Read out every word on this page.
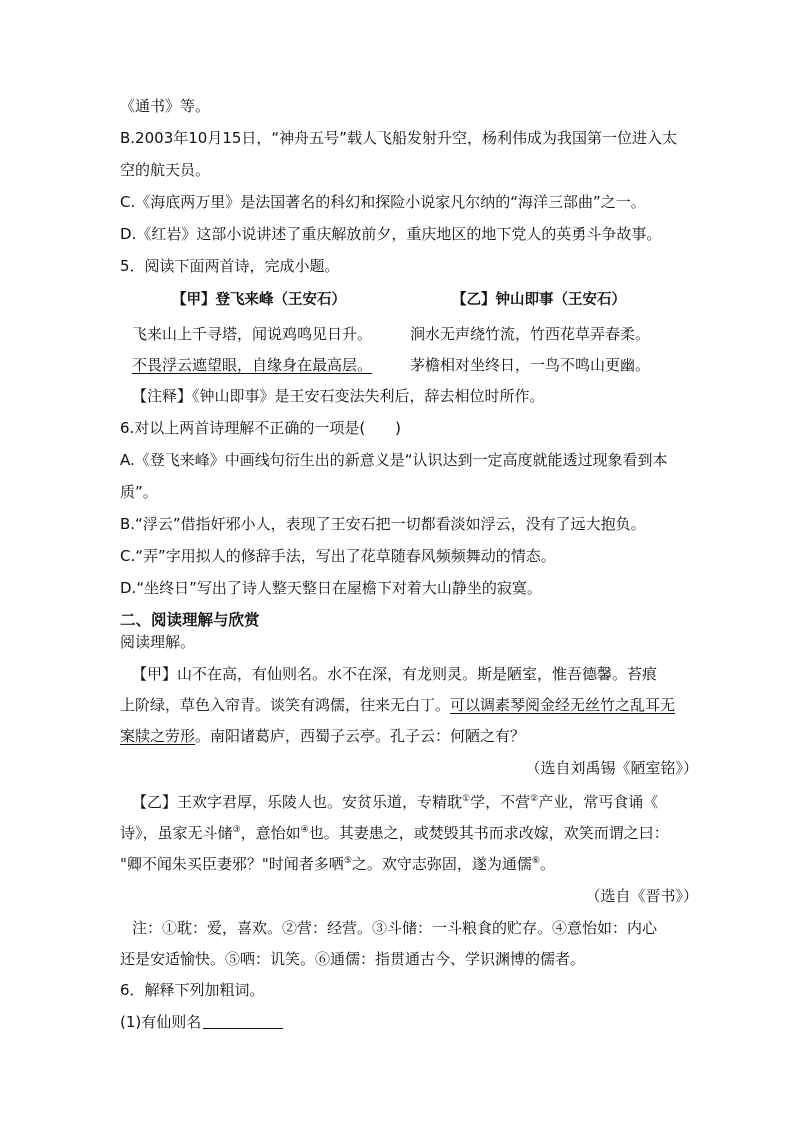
《通书》等。
B.2003年10月15日，“神舟五号”载人飞船发射升空，杨利伟成为我国第一位进入太
空的航天员。
C.《海底两万里》是法国著名的科幻和探险小说家凡尔纳的“海洋三部曲”之一。
D.《红岩》这部小说讲述了重庆解放前夕，重庆地区的地下党人的英勇斗争故事。
5．阅读下面两首诗，完成小题。
【甲】登飞来峰（王安石）	【乙】钟山即事（王安石）
飞来山上千寻塔，闻说鸡鸣见日升。	涧水无声绕竹流，竹西花草弄春柔。
不畏浮云遮望眼，自缘身在最高层。	茅檐相对坐终日，一鸟不鸣山更幽。
【注释】《钟山即事》是王安石变法失利后，辞去相位时所作。
6.对以上两首诗理解不正确的一项是(　　)
A.《登飞来峰》中画线句衍生出的新意义是“认识达到一定高度就能透过现象看到本
质”。
B.“浮云”借指奸邪小人，表现了王安石把一切都看淡如浮云，没有了远大抱负。
C.“弄”字用拟人的修辞手法，写出了花草随春风频频舞动的情态。
D.“坐终日”写出了诗人整天整日在屋檐下对着大山静坐的寂寞。
二、阅读理解与欣赏
阅读理解。
【甲】山不在高，有仙则名。水不在深，有龙则灵。斯是陋室，惟吾德馨。苔痕
上阶绿，草色入帘青。谈笑有鸿儒，往来无白丁。可以调素琴阅金经无丝竹之乱耳无
案牍之劳形。南阳诸葛庐，西蜀子云亭。孔子云：何陋之有？
（选自刘禹锡《陋室铭》）
【乙】王欢字君厚，乐陵人也。安贫乐道，专精耽①学，不营②产业，常丐食诵《
诗》，虽家无斗储③，意怡如④也。其妻患之，或焚毁其书而求改嫁，欢笑而谓之曰：
"卿不闻朱买臣妻邪？"时闻者多哂⑤之。欢守志弥固，遂为通儒⑥。
（选自《晋书》）
注：①耽：爱，喜欢。②营：经营。③斗储：一斗粮食的贮存。④意怡如：内心
还是安适愉快。⑤哂：讥笑。⑥通儒：指贯通古今、学识渊博的儒者。
6．解释下列加粗词。
(1)有仙则名
